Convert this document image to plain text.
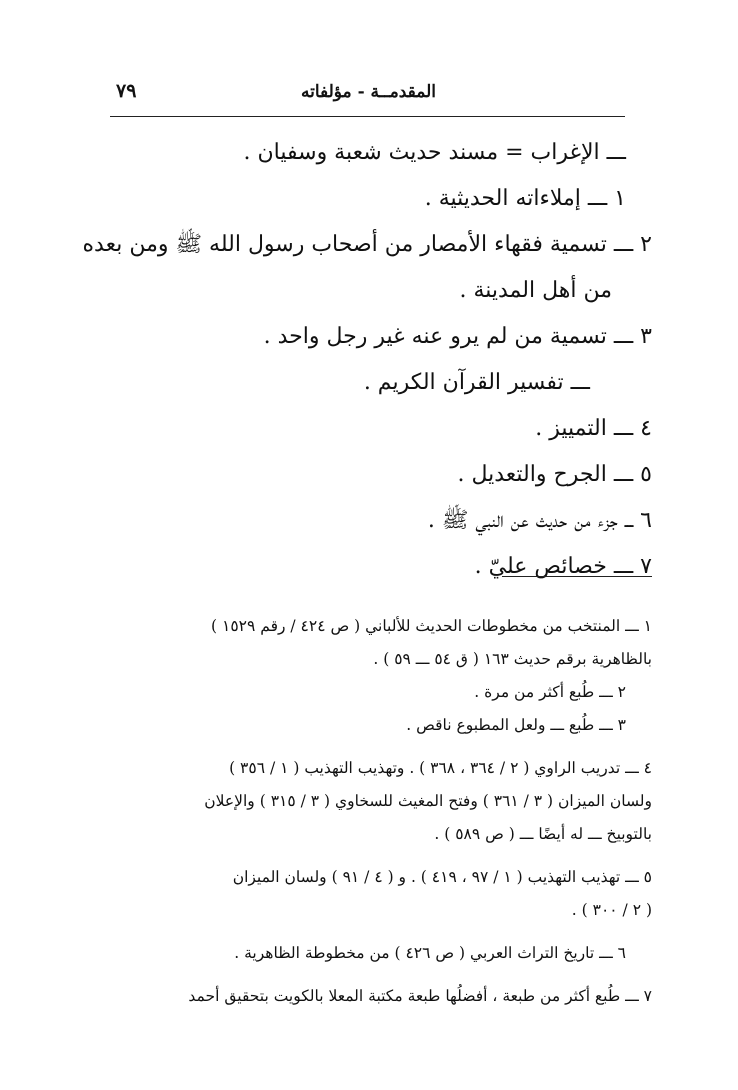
المقدمــة - مؤلفاته
٧٩
ـــ الإغراب = مسند حديث شعبة وسفيان .
١ ـــ إملاءاته الحديثية .
٢ ـــ تسمية فقهاء الأمصار من أصحاب رسول الله ﷺ ومن بعده
من أهل المدينة .
٣ ـــ تسمية من لم يرو عنه غير رجل واحد .
ـــ تفسير القرآن الكريم .
٤ ـــ التمييز .
٥ ـــ الجرح والتعديل .
٦ ـــ جزء من حديث عن النبي ﷺ .
٧ ـــ خصائص عليّ .
١ ـــ المنتخب من مخطوطات الحديث للألباني ( ص ٤٢٤ / رقم ١٥٢٩ )
بالظاهرية برقم حديث ١٦٣ ( ق ٥٤ ـــ ٥٩ ) .
٢ ـــ طُبع أكثر من مرة .
٣ ـــ طُبع ـــ ولعل المطبوع ناقص .
٤ ـــ تدريب الراوي ( ٢ / ٣٦٤ ، ٣٦٨ ) . وتهذيب التهذيب ( ١ / ٣٥٦ )
ولسان الميزان ( ٣ / ٣٦١ ) وفتح المغيث للسخاوي ( ٣ / ٣١٥ ) والإعلان
بالتوبيخ ـــ له أيضًا ـــ ( ص ٥٨٩ ) .
٥ ـــ تهذيب التهذيب ( ١ / ٩٧ ، ٤١٩ ) . و ( ٤ / ٩١ ) ولسان الميزان
( ٢ / ٣٠٠ ) .
٦ ـــ تاريخ التراث العربي ( ص ٤٢٦ ) من مخطوطة الظاهرية .
٧ ـــ طُبع أكثر من طبعة ، أفضلُها طبعة مكتبة المعلا بالكويت بتحقيق أحمد
